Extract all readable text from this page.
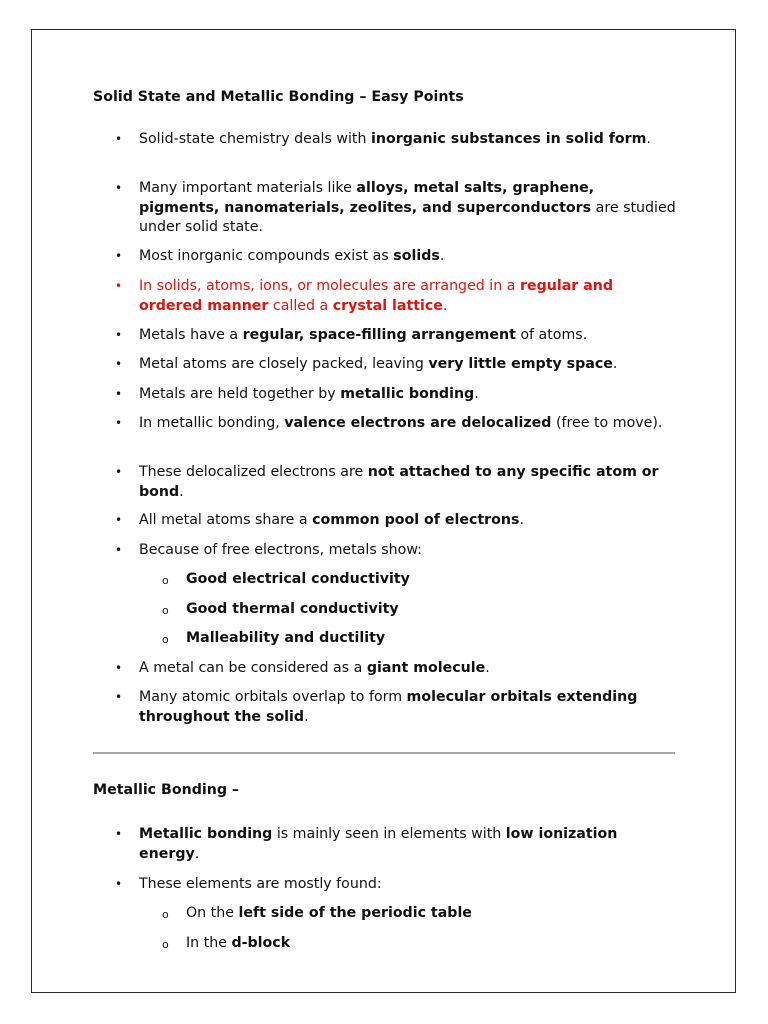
Solid State and Metallic Bonding – Easy Points
• Solid-state chemistry deals with inorganic substances in solid form.
• Many important materials like alloys, metal salts, graphene, pigments, nanomaterials, zeolites, and superconductors are studied under solid state.
• Most inorganic compounds exist as solids.
• In solids, atoms, ions, or molecules are arranged in a regular and ordered manner called a crystal lattice.
• Metals have a regular, space-filling arrangement of atoms.
• Metal atoms are closely packed, leaving very little empty space.
• Metals are held together by metallic bonding.
• In metallic bonding, valence electrons are delocalized (free to move).
• These delocalized electrons are not attached to any specific atom or bond.
• All metal atoms share a common pool of electrons.
• Because of free electrons, metals show:
o Good electrical conductivity
o Good thermal conductivity
o Malleability and ductility
• A metal can be considered as a giant molecule.
• Many atomic orbitals overlap to form molecular orbitals extending throughout the solid.
Metallic Bonding –
• Metallic bonding is mainly seen in elements with low ionization energy.
• These elements are mostly found:
o On the left side of the periodic table
o In the d-block
